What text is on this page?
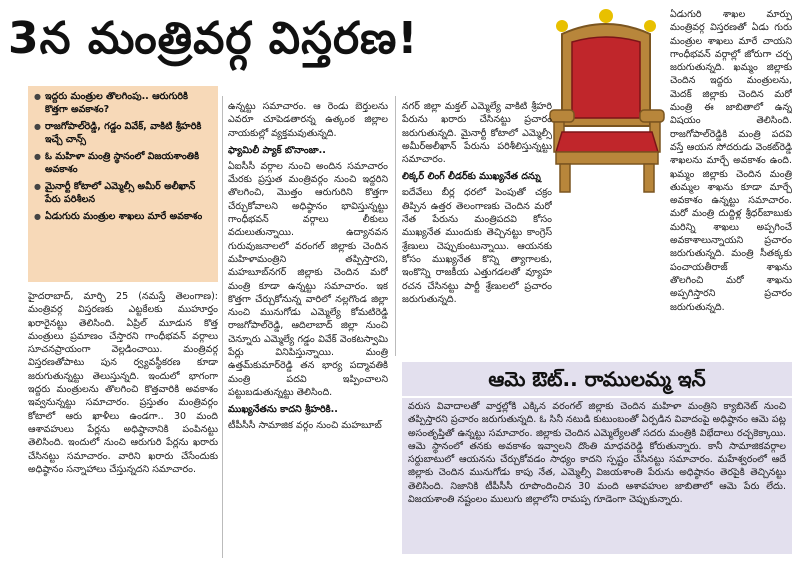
3న మంత్రివర్గ విస్తరణ!
● ఇద్దరు మంత్రుల తొలగింపు.. ఆరుగురికి కొత్తగా అవకాశం?
● రాజగోపాల్‌రెడ్డి, గడ్డం వివేక్, వాకిటి శ్రీహరికి ఇచ్చే చాన్స్
● ఓ మహిళా మంత్రి స్థానంలో విజయశాంతికి అవకాశం
● మైనార్టీ కోటాలో ఎమ్మెల్సీ అమీర్ అలీఖాన్ పేరు పరిశీలన
● ఏడుగురు మంత్రుల శాఖలు మారే అవకాశం

హైదరాబాద్, మార్చి 25 (నమస్తే తెలంగాణ): మంత్రివర్గ విస్తరణకు ఎట్టకేలకు ముహూర్తం ఖరారైనట్టు తెలిసింది. ఏప్రిల్ మూడున కొత్త మంత్రులు ప్రమాణం చేస్తారని గాంధీభవన్ వర్గాలు సూచనప్రాయంగా వెల్లడించాయి. మంత్రివర్గ విస్తరణతోపాటు పున ర్వ్యవస్థీకరణ కూడా జరుగుతున్నట్టు తెలుస్తున్నది. ఇందులో భాగంగా ఇద్దరు మంత్రులను తొలగించి కొత్తవారికి అవకాశం ఇవ్వనున్నట్టు సమాచారం. ప్రస్తుతం మంత్రివర్గం కోటాలో ఆరు ఖాళీలు ఉండగా.. 30 మంది ఆశావహులు పేర్లను అధిష్ఠానానికి పంపినట్టు తెలిసింది. ఇందులో నుంచి ఆరుగురి పేర్లను ఖరారు చేసినట్టు సమాచారం. వారిని ఖరారు చేసేందుకు అధిష్ఠానం సన్నాహాలు చేస్తున్నదని సమాచారం.

ఉన్నట్టు సమాచారం. ఆ రెండు బెర్తులను ఎవరూ చూపెడతారన్న ఉత్కంఠ జిల్లాల నాయకుల్లో వ్యక్తమవుతున్నది.

ఫ్యామిలీ ప్యాక్ బొనాంజా..

ఏఐసీసీ వర్గాల నుంచి అందిన సమాచారం మేరకు ప్రస్తుత మంత్రివర్గం నుంచి ఇద్దరిని తొలగించి, మొత్తం ఆరుగురిని కొత్తగా చేర్చుకోవాలని అధిష్ఠానం భావిస్తున్నట్టు గాంధీభవన్ వర్గాలు లీకులు వదులుతున్నాయి. ఉద్యానవన గురువుజనాలలో వరంగల్ జిల్లాకు చెందిన మహిళామంత్రిని తప్పిస్తారని, మహబూబ్‌నగర్ జిల్లాకు చెందిన మరో మంత్రి కూడా ఉన్నట్టు సమాచారం. ఇక కొత్తగా చేర్చుకోనున్న వారిలో నల్లగొండ జిల్లా నుంచి మునుగోడు ఎమ్మెల్యే కోమటిరెడ్డి రాజగోపాల్‌రెడ్డి, ఆదిలాబాద్ జిల్లా నుంచి చెన్నూరు ఎమ్మెల్యే గడ్డం వివేక్ వెంకటస్వామి పేర్లు వినిపిస్తున్నాయి. మంత్రి ఉత్తమ్‌కుమార్‌రెడ్డి తన భార్య పద్మావతికి మంత్రి పదవి ఇప్పించాలని పట్టుబడుతున్నట్టు తెలిసింది.

ముఖ్యనేతను కాదని శ్రీహరికి..

టీపీసీసీ సామాజిక వర్గం నుంచి మహబూబ్

నగర్ జిల్లా మక్తల్ ఎమ్మెల్యే వాకిటి శ్రీహరి పేరును ఖరారు చేసినట్టు ప్రచారం జరుగుతున్నది. మైనార్టీ కోటాలో ఎమ్మెల్సీ అమీర్‌అలీఖాన్ పేరును పరిశీలిస్తున్నట్టు సమాచారం.

లిక్కర్ లింగ్ లీడర్‌కు ముఖ్యనేత దన్ను

ఐదేవేలు బీర్ల ధరలో పెంపుతో చక్రం తిప్పిన ఉత్తర తెలంగాణకు చెందిన మరో నేత పేరును మంత్రిపదవి కోసం ముఖ్యనేత ముందుకు తెచ్చినట్టు కాంగ్రెస్ శ్రేణులు చెప్పుకుంటున్నాయి. ఆయనకు కోసం ముఖ్యనేత కొన్ని త్యాగాలకు, ఇంకొన్ని రాజకీయ ఎత్తుగడలతో వ్యూహ రచన చేసినట్టు పార్టీ శ్రేణులలో ప్రచారం జరుగుతున్నది.

ఏడుగురి శాఖల మార్పు మంత్రివర్గ విస్తరణతో ఏడు గురు మంత్రుల శాఖలు మారే చాయని గాంధీభవన్ వర్గాల్లో జోరుగా చర్చ జరుగుతున్నది. ఖమ్మం జిల్లాకు చెందిన ఇద్దరు మంత్రులను, మెదక్ జిల్లాకు చెందిన మరో మంత్రి ఈ జాబితాలో ఉన్న విషయం తెలిసింది. రాజగోపాల్‌రెడ్డికి మంత్రి పదవి వస్తే ఆయన సోదరుడు వెంకట్‌రెడ్డి శాఖలను మార్చే అవకాశం ఉంది. ఖమ్మం జిల్లాకు చెందిన మంత్రి తుమ్మల శాఖను కూడా మార్చే అవకాశం ఉన్నట్టు సమాచారం. మరో మంత్రి దుద్దిళ్ల శ్రీధర్‌బాబుకు మరిన్ని శాఖలు అప్పగించే అవకాశాలున్నాయని ప్రచారం జరుగుతున్నది. మంత్రి సీతక్కకు పంచాయతీరాజ్ శాఖను తొలగించి మరో శాఖను అప్పగిస్తారని ప్రచారం జరుగుతున్నది.

ఆమె ఔట్.. రాములమ్మ ఇన్
వరుస వివాదాలతో వార్తల్లోకి ఎక్కిన వరంగల్ జిల్లాకు చెందిన మహిళా మంత్రిని క్యాబినెట్ నుంచి తప్పిస్తారని ప్రచారం జరుగుతున్నది. ఓ సినీ నటుడి కుటుంబంతో ఏర్పడిన వివాదంపై అధిష్ఠానం ఆమె పట్ల అసంతృప్తితో ఉన్నట్టు సమాచారం. జిల్లాకు చెందిన ఎమ్మెల్యేలతో సదరు మంత్రికి విభేదాలు రచ్చకెక్కాయి. ఆమె స్థానంలో తనకు అవకాశం ఇవ్వాలని దొంతి మాధవరెడ్డి కోరుతున్నారు. కానీ సామాజికవర్గాల సర్దుబాటులో ఆయనను చేర్చుకోవడం సాధ్యం కాదని స్పష్టం చేసినట్టు సమాచారం. మహేశ్వరంలో ఆదే జిల్లాకు చెందిన మునుగోడు కాపు నేత, ఎమ్మెల్సీ విజయశాంతి పేరును అధిష్ఠానం తెరపైకి తెచ్చినట్టు తెలిసింది. నిజానికి టీపీసీసీ రూపొందించిన 30 మంది ఆశావహుల జాబితాలో ఆమె పేరు లేదు. విజయశాంతి నష్టంలం ములుగు జిల్లాలోని రామప్ప గూడెంగా చెప్పుకున్నారు.
